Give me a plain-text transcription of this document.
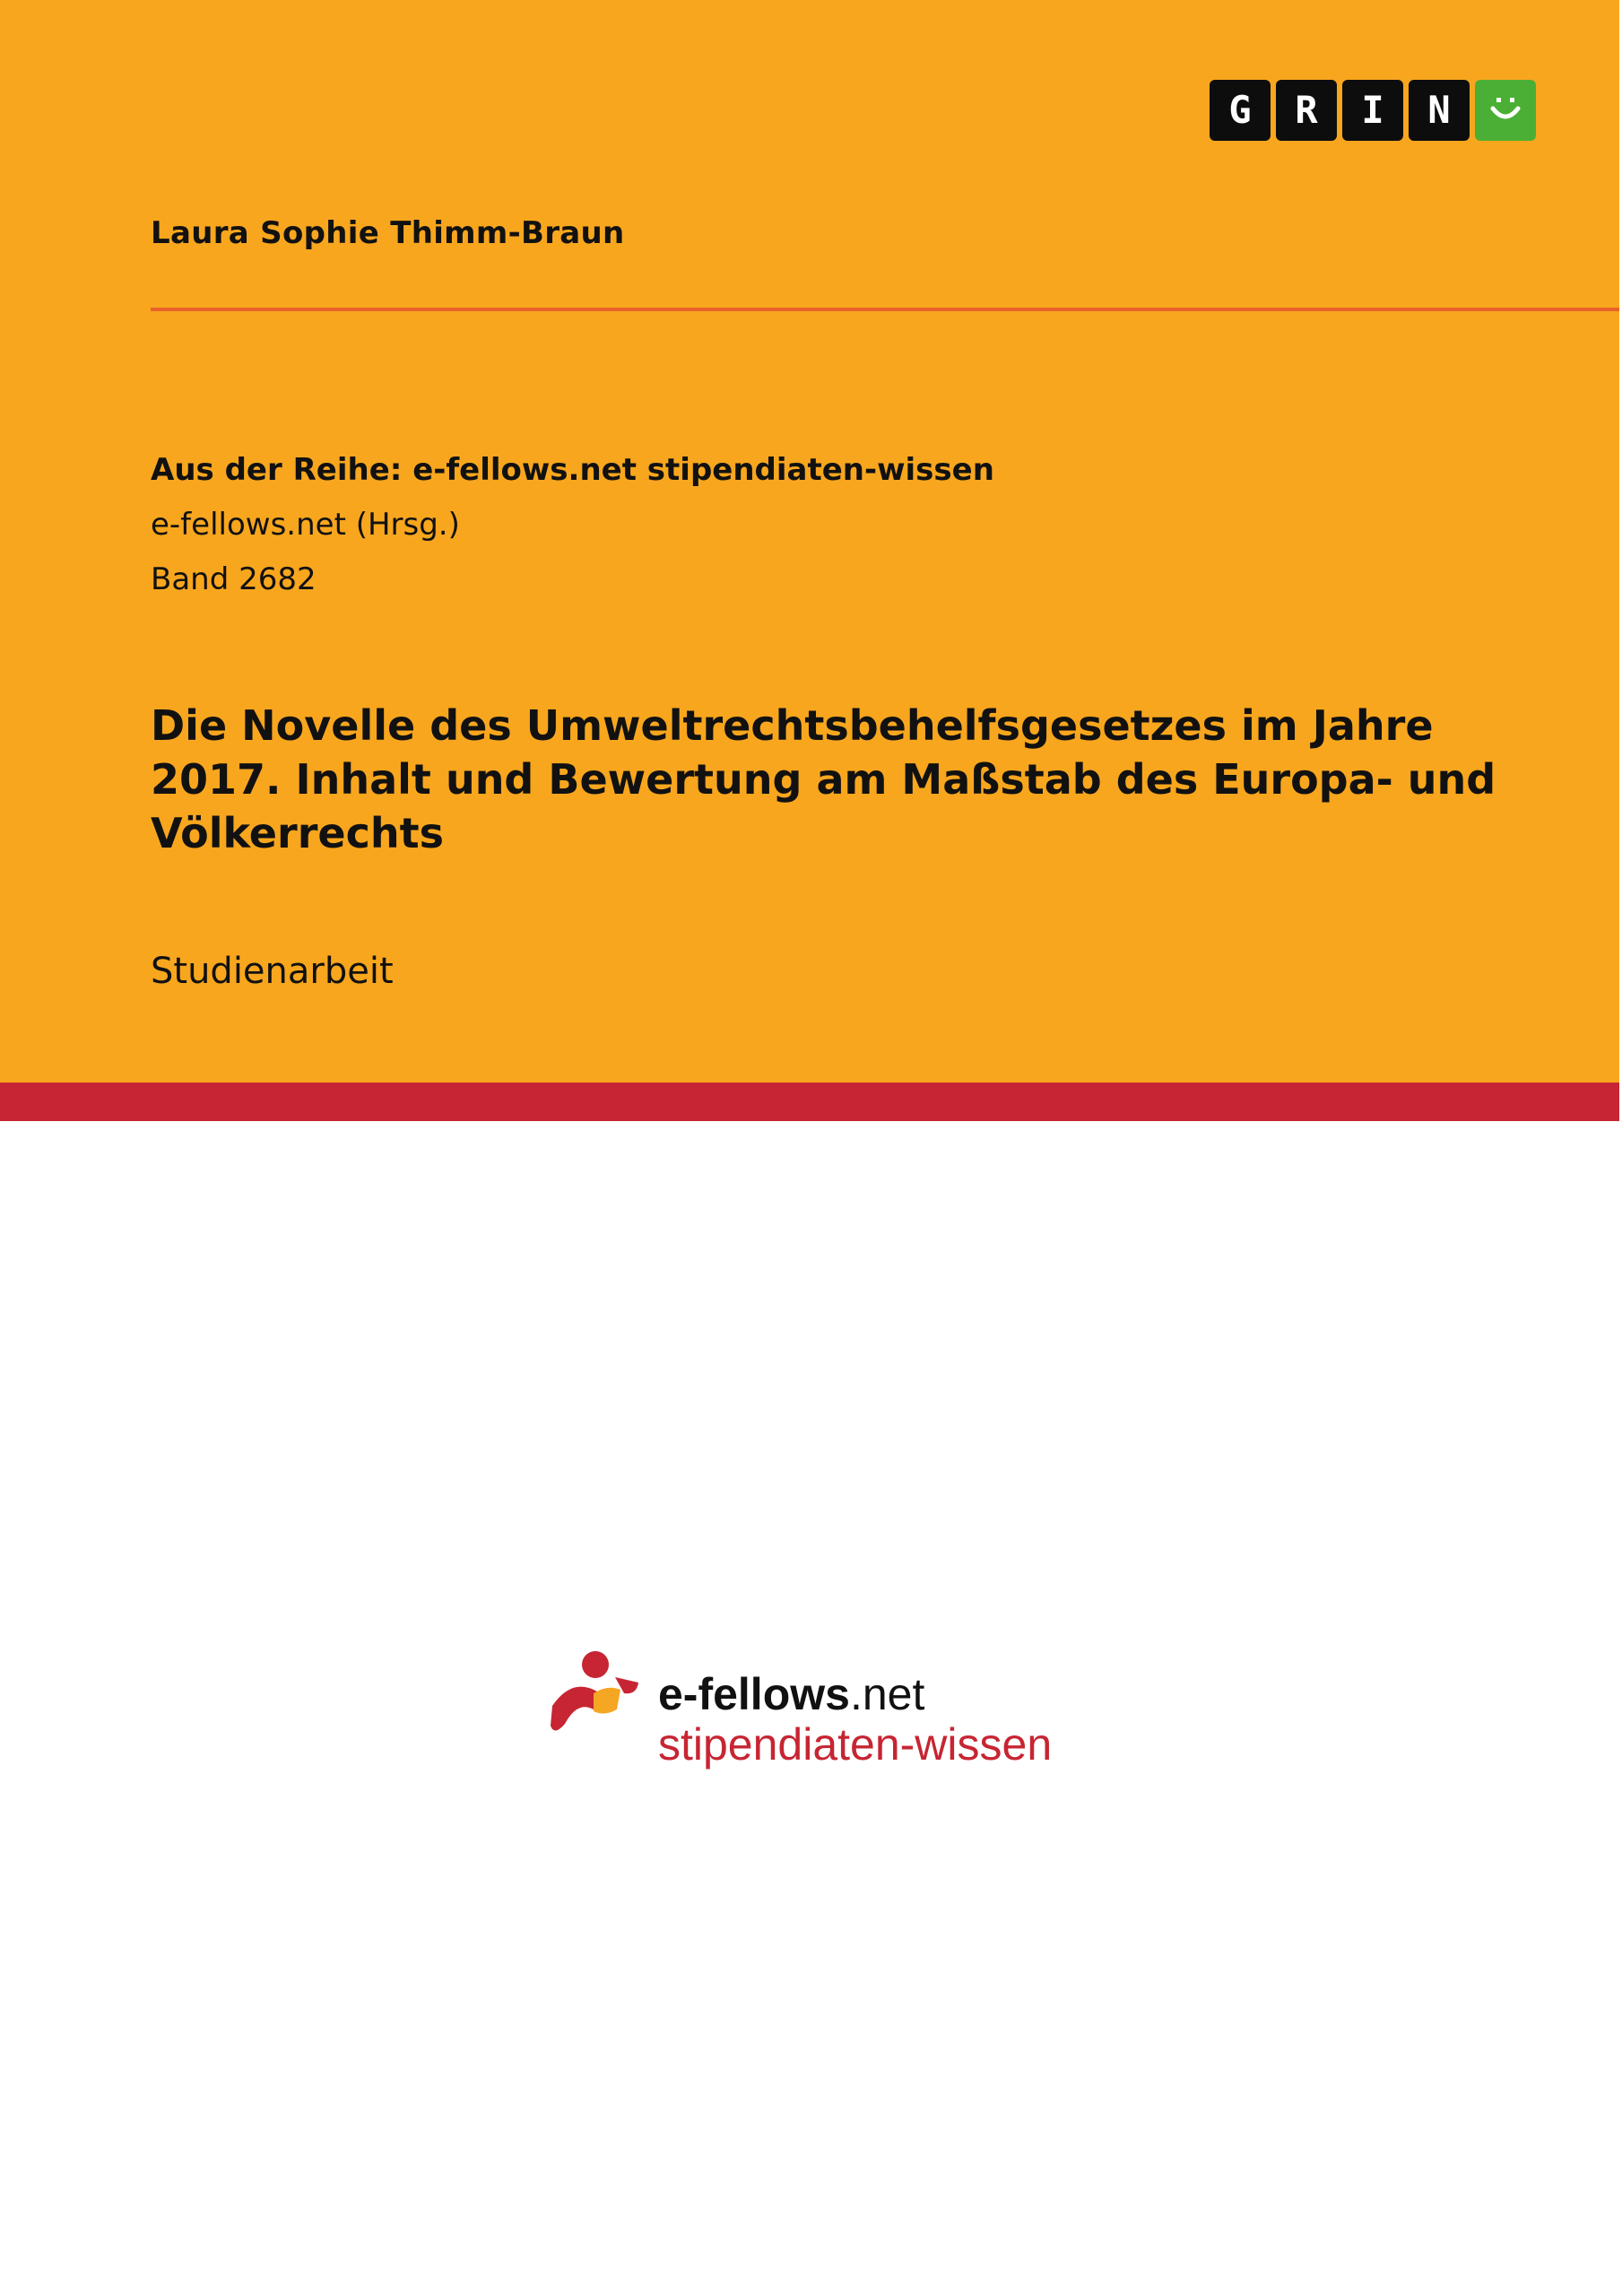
G	R	I	N
Laura Sophie Thimm-Braun
Aus der Reihe: e-fellows.net stipendiaten-wissen
e-fellows.net (Hrsg.)
Band 2682
Die Novelle des Umweltrechtsbehelfsgesetzes im Jahre
2017. Inhalt und Bewertung am Maßstab des Europa- und
Völkerrechts
Studienarbeit
e-fellows.net
stipendiaten-wissen
